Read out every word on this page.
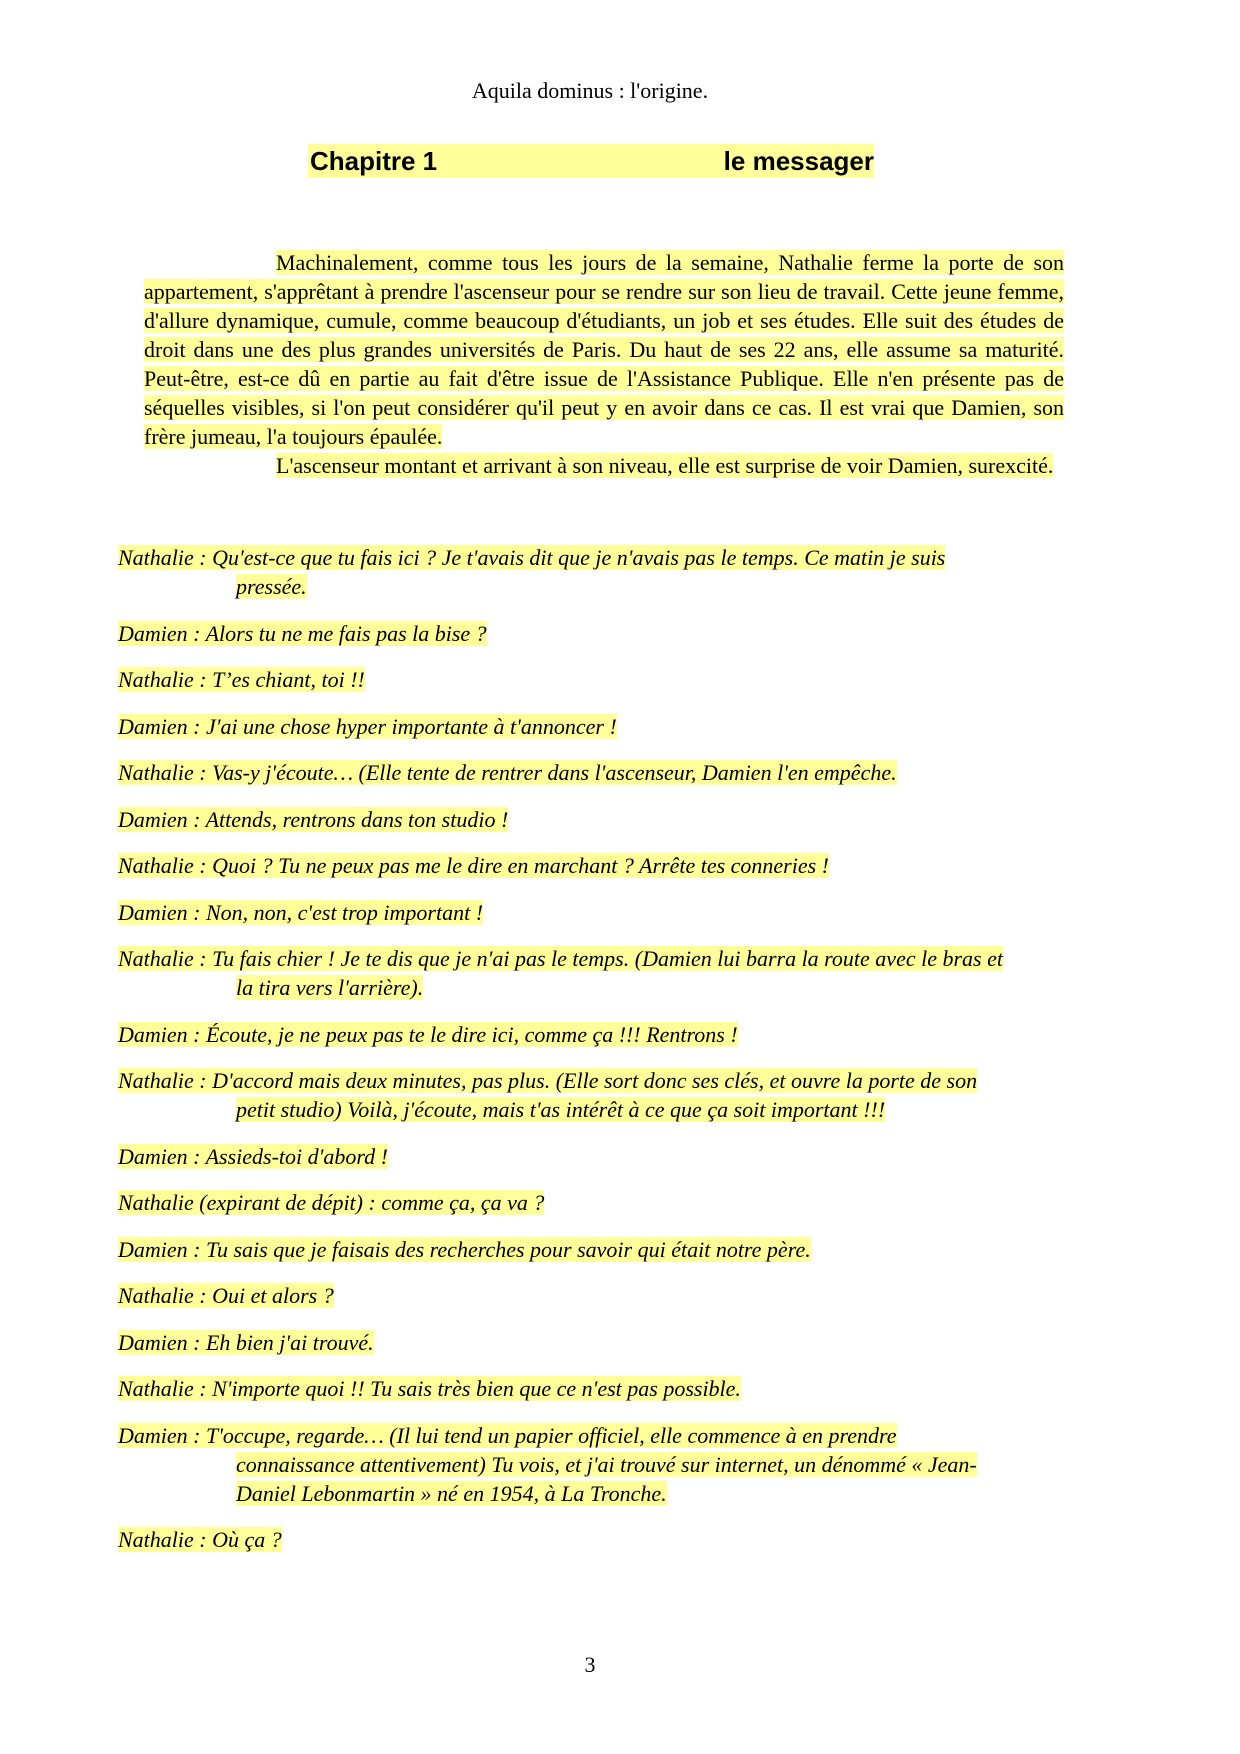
Aquila dominus : l'origine.
Chapitre 1	le messager

Machinalement, comme tous les jours de la semaine, Nathalie ferme la porte de son appartement, s'apprêtant à prendre l'ascenseur pour se rendre sur son lieu de travail. Cette jeune femme, d'allure dynamique, cumule, comme beaucoup d'étudiants, un job et ses études. Elle suit des études de droit dans une des plus grandes universités de Paris. Du haut de ses 22 ans, elle assume sa maturité. Peut-être, est-ce dû en partie au fait d'être issue de l'Assistance Publique. Elle n'en présente pas de séquelles visibles, si l'on peut considérer qu'il peut y en avoir dans ce cas. Il est vrai que Damien, son frère jumeau, l'a toujours épaulée.

L'ascenseur montant et arrivant à son niveau, elle est surprise de voir Damien, surexcité.

Nathalie : Qu'est-ce que tu fais ici ? Je t'avais dit que je n'avais pas le temps. Ce matin je suis pressée.

Damien : Alors tu ne me fais pas la bise ?

Nathalie : T’es chiant, toi !!

Damien : J'ai une chose hyper importante à t'annoncer !

Nathalie : Vas-y j'écoute… (Elle tente de rentrer dans l'ascenseur, Damien l'en empêche.

Damien : Attends, rentrons dans ton studio !

Nathalie : Quoi ? Tu ne peux pas me le dire en marchant ? Arrête tes conneries !

Damien : Non, non, c'est trop important !

Nathalie : Tu fais chier ! Je te dis que je n'ai pas le temps. (Damien lui barra la route avec le bras et la tira vers l'arrière).

Damien : Écoute, je ne peux pas te le dire ici, comme ça !!! Rentrons !

Nathalie : D'accord mais deux minutes, pas plus. (Elle sort donc ses clés, et ouvre la porte de son petit studio) Voilà, j'écoute, mais t'as intérêt à ce que ça soit important !!!

Damien : Assieds-toi d'abord !

Nathalie (expirant de dépit) : comme ça, ça va ?

Damien : Tu sais que je faisais des recherches pour savoir qui était notre père.

Nathalie : Oui et alors ?

Damien : Eh bien j'ai trouvé.

Nathalie : N'importe quoi !! Tu sais très bien que ce n'est pas possible.

Damien : T'occupe, regarde… (Il lui tend un papier officiel, elle commence à en prendre connaissance attentivement) Tu vois, et j'ai trouvé sur internet, un dénommé « Jean-Daniel Lebonmartin » né en 1954, à La Tronche.

Nathalie : Où ça ?

3
